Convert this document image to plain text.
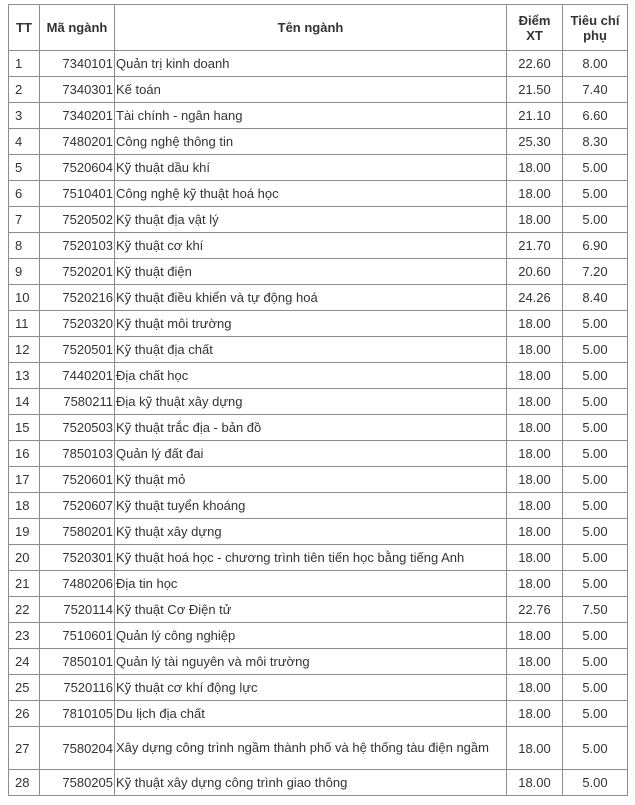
TT	Mã ngành	Tên ngành	Điểm XT	Tiêu chí phụ
1	7340101	Quản trị kinh doanh	22.60	8.00
2	7340301	Kế toán	21.50	7.40
3	7340201	Tài chính - ngân hang	21.10	6.60
4	7480201	Công nghệ thông tin	25.30	8.30
5	7520604	Kỹ thuật dầu khí	18.00	5.00
6	7510401	Công nghệ kỹ thuật hoá học	18.00	5.00
7	7520502	Kỹ thuật địa vật lý	18.00	5.00
8	7520103	Kỹ thuật cơ khí	21.70	6.90
9	7520201	Kỹ thuật điện	20.60	7.20
10	7520216	Kỹ thuật điều khiển và tự động hoá	24.26	8.40
11	7520320	Kỹ thuật môi trường	18.00	5.00
12	7520501	Kỹ thuật địa chất	18.00	5.00
13	7440201	Địa chất học	18.00	5.00
14	7580211	Địa kỹ thuật xây dựng	18.00	5.00
15	7520503	Kỹ thuật trắc địa - bản đồ	18.00	5.00
16	7850103	Quản lý đất đai	18.00	5.00
17	7520601	Kỹ thuật mỏ	18.00	5.00
18	7520607	Kỹ thuật tuyển khoáng	18.00	5.00
19	7580201	Kỹ thuật xây dựng	18.00	5.00
20	7520301	Kỹ thuật hoá học - chương trình tiên tiến học bằng tiếng Anh	18.00	5.00
21	7480206	Địa tin học	18.00	5.00
22	7520114	Kỹ thuật Cơ Điện tử	22.76	7.50
23	7510601	Quản lý công nghiệp	18.00	5.00
24	7850101	Quản lý tài nguyên và môi trường	18.00	5.00
25	7520116	Kỹ thuật cơ khí động lực	18.00	5.00
26	7810105	Du lịch địa chất	18.00	5.00
27	7580204	Xây dựng công trình ngầm thành phố và hệ thống tàu điện ngầm	18.00	5.00
28	7580205	Kỹ thuật xây dựng công trình giao thông	18.00	5.00
